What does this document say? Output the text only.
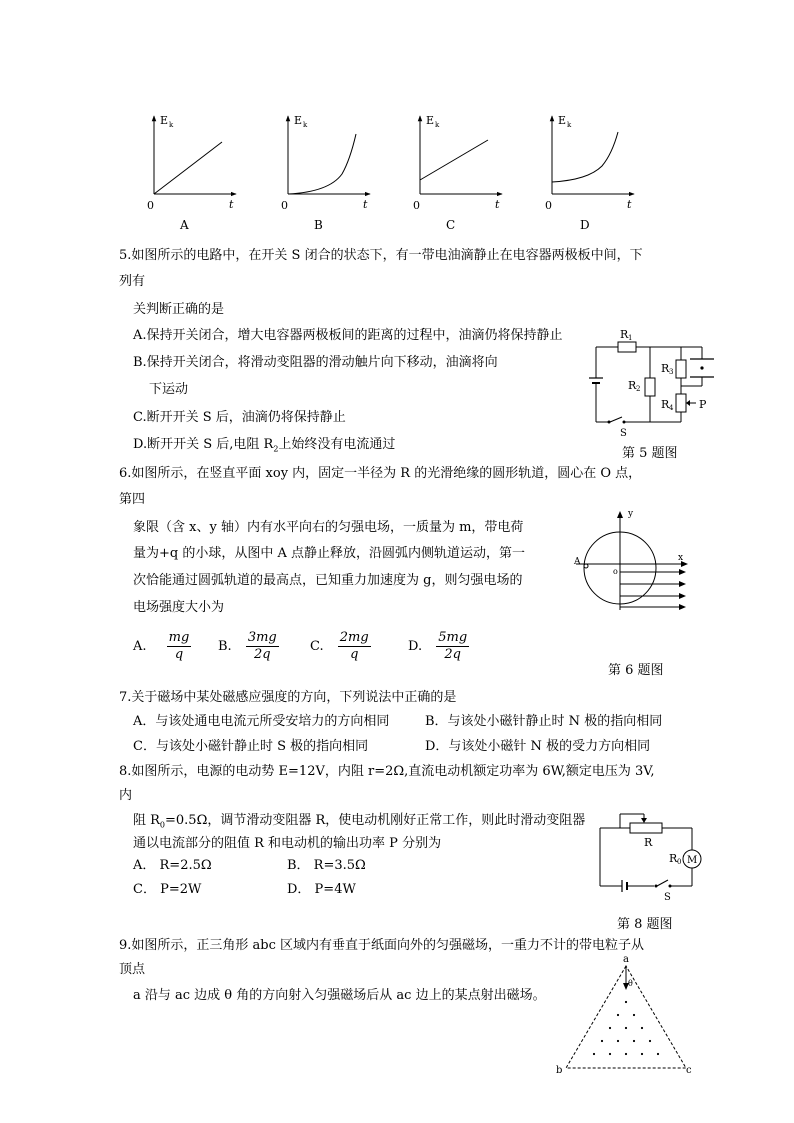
E k
0	t
A
E k
0	t
B
E k
0	t
C
E k
0	t
D
5.如图所示的电路中，在开关 S 闭合的状态下，有一带电油滴静止在电容器两极板中间，下
列有
关判断正确的是
A.保持开关闭合，增大电容器两极板间的距离的过程中，油滴仍将保持静止
B.保持开关闭合，将滑动变阻器的滑动触片向下移动，油滴将向
下运动
C.断开开关 S 后，油滴仍将保持静止
D.断开开关 S 后,电阻 $R_2$上始终没有电流通过
R 1
R 2
R 3
R 4 P
S
第 5 题图
6.如图所示，在竖直平面 xoy 内，固定一半径为 R 的光滑绝缘的圆形轨道，圆心在 O 点，
第四
象限（含 x、y 轴）内有水平向右的匀强电场，一质量为 m，带电荷
量为+q 的小球，从图中 A 点静止释放，沿圆弧内侧轨道运动，第一
次恰能通过圆弧轨道的最高点，已知重力加速度为 g，则匀强电场的
电场强度大小为
A. $\frac{mg}{q} B$. $\frac{3mg}{2q} C$. $\frac{2mg}{q}$	D. $\frac{5mg}{2q}$
y
x
o
A
第 6 题图
7.关于磁场中某处磁感应强度的方向，下列说法中正确的是
A．与该处通电电流元所受安培力的方向相同	B．与该处小磁针静止时 N 极的指向相同
C．与该处小磁针静止时 S 极的指向相同	D．与该处小磁针 N 极的受力方向相同
8.如图所示，电源的电动势 E=12V，内阻 r=2Ω,直流电动机额定功率为 6W,额定电压为 3V,
内
阻 $R_0=0.5\Omega$，调节滑动变阻器 R，使电动机刚好正常工作，则此时滑动变阻器
通以电流部分的阻值 R 和电动机的输出功率 P 分别为
A． R=2.5Ω	B． R=3.5Ω
C． P=2W	D． P=4W
M
R
R 0
S
第 8 题图
9.如图所示，正三角形 abc 区域内有垂直于纸面向外的匀强磁场，一重力不计的带电粒子从
顶点
a 沿与 ac 边成 θ 角的方向射入匀强磁场后从 ac 边上的某点射出磁场。
a
θ
b	c
